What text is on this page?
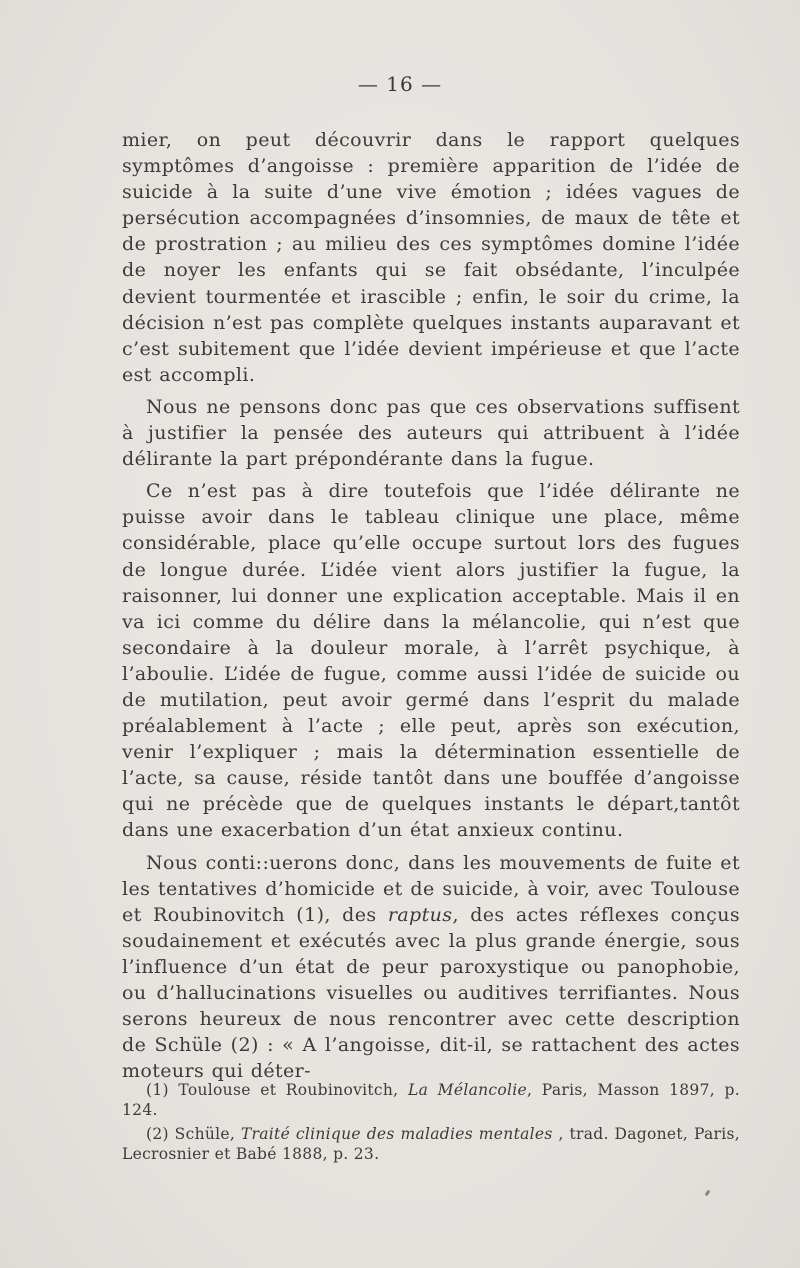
— 16 —

mier, on peut découvrir dans le rapport quelques symptômes d’angoisse : première apparition de l’idée de suicide à la suite d’une vive émotion ; idées vagues de persécution accompagnées d’insomnies, de maux de tête et de prostration ; au milieu des ces symptômes domine l’idée de noyer les enfants qui se fait obsédante, l’inculpée devient tourmentée et irascible ; enfin, le soir du crime, la décision n’est pas complète quelques instants auparavant et c’est subitement que l’idée devient impérieuse et que l’acte est accompli.

Nous ne pensons donc pas que ces observations suffisent à justifier la pensée des auteurs qui attribuent à l’idée délirante la part prépondérante dans la fugue.

Ce n’est pas à dire toutefois que l’idée délirante ne puisse avoir dans le tableau clinique une place, même considérable, place qu’elle occupe surtout lors des fugues de longue durée. L’idée vient alors justifier la fugue, la raisonner, lui donner une explication acceptable. Mais il en va ici comme du délire dans la mélancolie, qui n’est que secondaire à la douleur morale, à l’arrêt psychique, à l’aboulie. L’idée de fugue, comme aussi l’idée de suicide ou de mutilation, peut avoir germé dans l’esprit du malade préalablement à l’acte ; elle peut, après son exécution, venir l’expliquer ; mais la détermination essentielle de l’acte, sa cause, réside tantôt dans une bouffée d’angoisse qui ne précède que de quelques instants le départ,tantôt dans une exacerbation d’un état anxieux continu.

Nous conti::uerons donc, dans les mouvements de fuite et les tentatives d’homicide et de suicide, à voir, avec Toulouse et Roubinovitch (1), des raptus, des actes réflexes conçus soudainement et exécutés avec la plus grande énergie, sous l’influence d’un état de peur paroxystique ou panophobie, ou d’hallucinations visuelles ou auditives terrifiantes. Nous serons heureux de nous rencontrer avec cette description de Schüle (2) : « A l’angoisse, dit-il, se rattachent des actes moteurs qui déter-

(1) Toulouse et Roubinovitch, La Mélancolie, Paris, Masson 1897, p. 124.

(2) Schüle, Traité clinique des maladies mentales , trad. Dagonet, Paris, Lecrosnier et Babé 1888, p. 23.
